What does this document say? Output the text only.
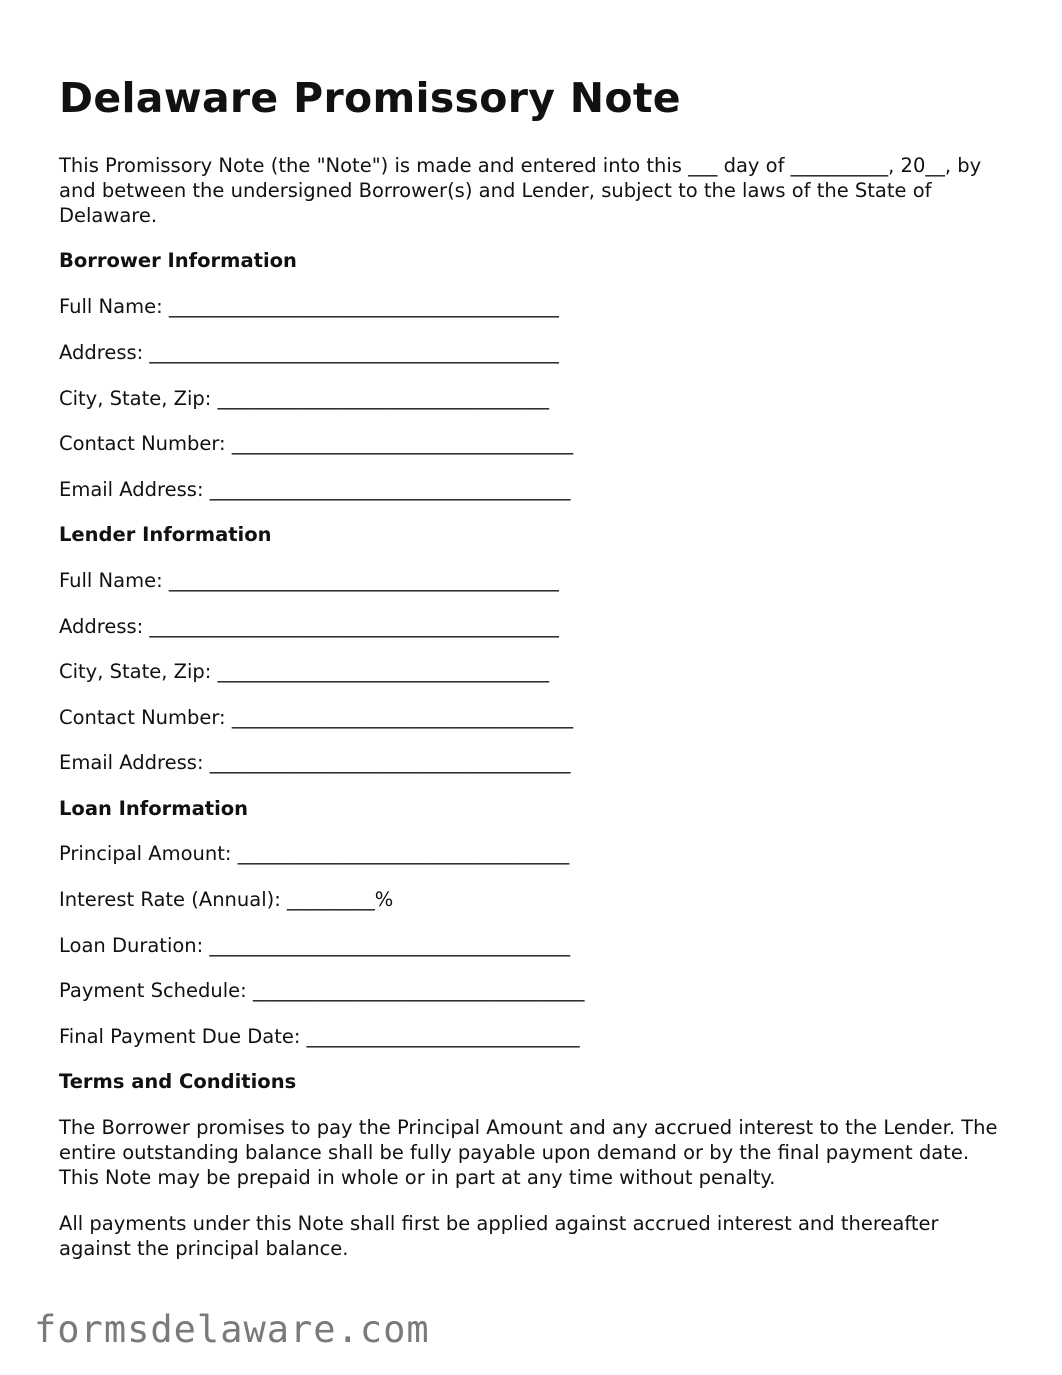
Delaware Promissory Note

This Promissory Note (the "Note") is made and entered into this ___ day of __________, 20__, by and between the undersigned Borrower(s) and Lender, subject to the laws of the State of Delaware.

Borrower Information

Full Name: ________________________________________

Address: __________________________________________

City, State, Zip: __________________________________

Contact Number: ___________________________________

Email Address: _____________________________________

Lender Information

Full Name: ________________________________________

Address: __________________________________________

City, State, Zip: __________________________________

Contact Number: ___________________________________

Email Address: _____________________________________

Loan Information

Principal Amount: __________________________________

Interest Rate (Annual): _________%

Loan Duration: _____________________________________

Payment Schedule: __________________________________

Final Payment Due Date: ____________________________

Terms and Conditions

The Borrower promises to pay the Principal Amount and any accrued interest to the Lender. The entire outstanding balance shall be fully payable upon demand or by the final payment date. This Note may be prepaid in whole or in part at any time without penalty.

All payments under this Note shall first be applied against accrued interest and thereafter against the principal balance.

formsdelaware.com
